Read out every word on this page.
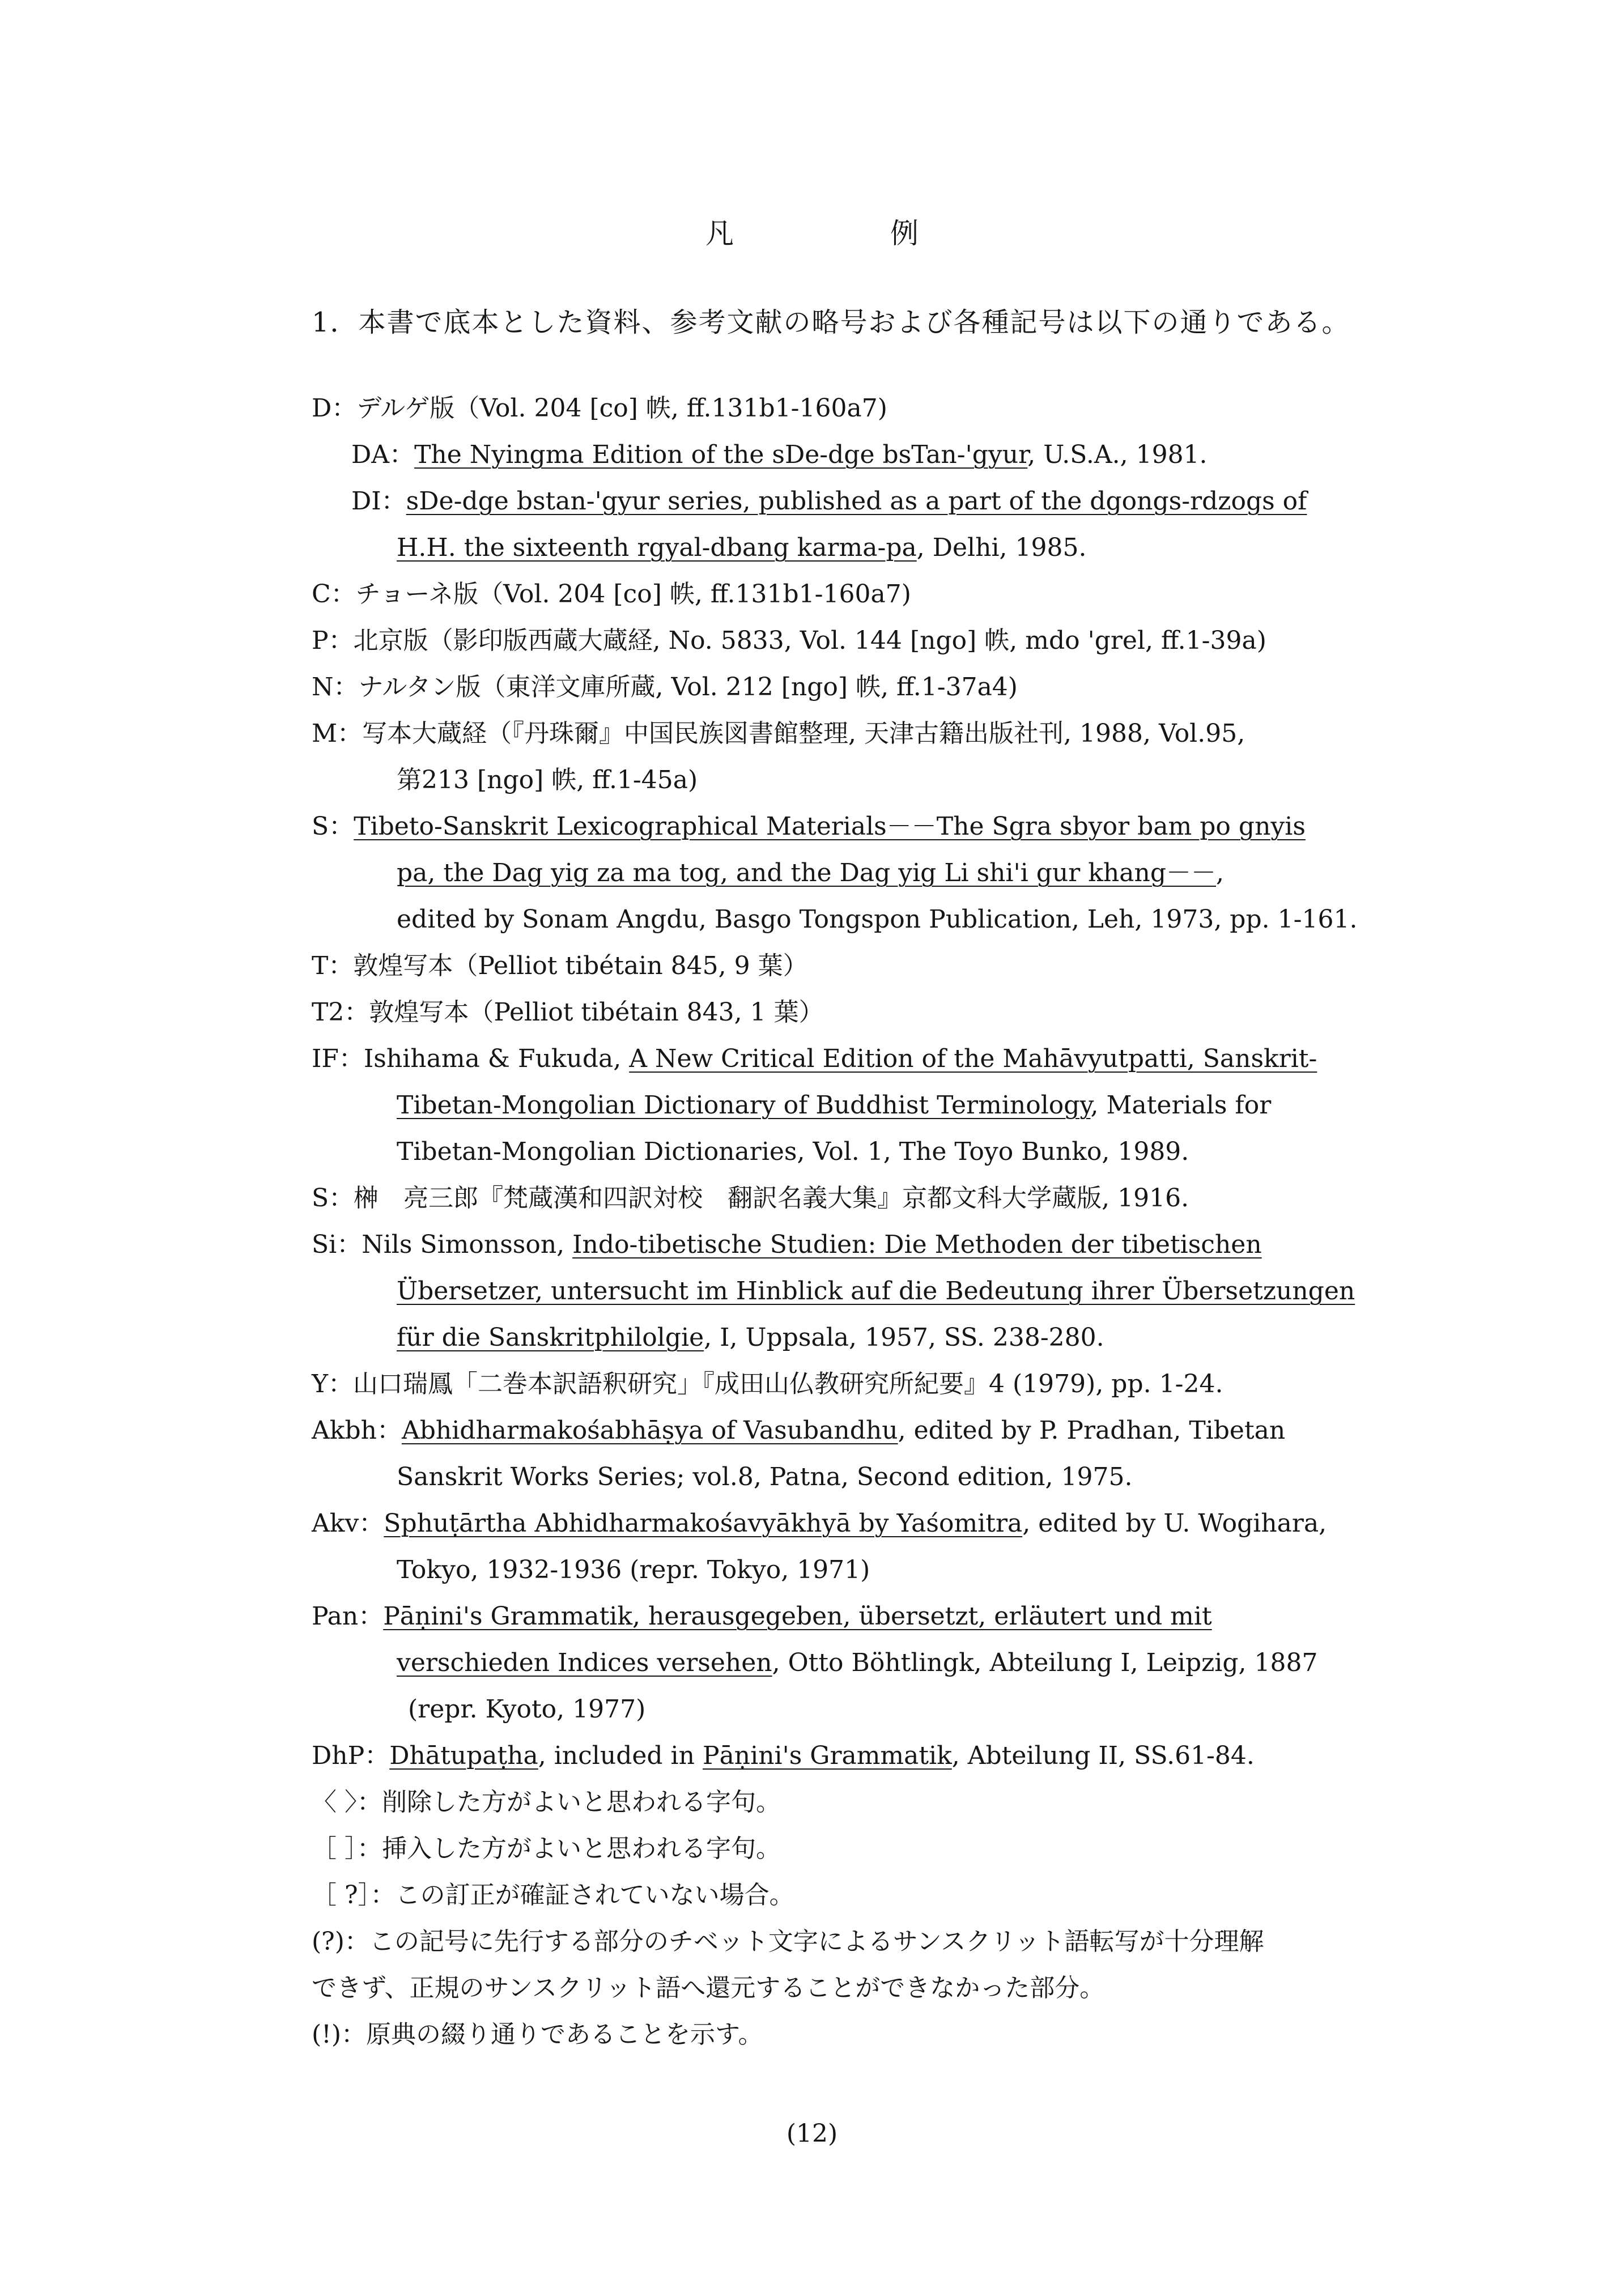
凡 例
1．本書で底本とした資料、参考文献の略号および各種記号は以下の通りである。
D：デルゲ版（Vol. 204 [co] 帙, ff.131b1-160a7)
DA：The Nyingma Edition of the sDe-dge bsTan-'gyur, U.S.A., 1981.
DI：sDe-dge bstan-'gyur series, published as a part of the dgongs-rdzogs of
H.H. the sixteenth rgyal-dbang karma-pa, Delhi, 1985.
C：チョーネ版（Vol. 204 [co] 帙, ff.131b1-160a7)
P：北京版（影印版西蔵大蔵経, No. 5833, Vol. 144 [ngo] 帙, mdo 'grel, ff.1-39a)
N：ナルタン版（東洋文庫所蔵, Vol. 212 [ngo] 帙, ff.1-37a4)
M：写本大蔵経（『丹珠爾』中国民族図書館整理, 天津古籍出版社刊, 1988, Vol.95,
第213 [ngo] 帙, ff.1-45a)
S：Tibeto-Sanskrit Lexicographical Materials－－The Sgra sbyor bam po gnyis
pa, the Dag yig za ma tog, and the Dag yig Li shi'i gur khang－－,
edited by Sonam Angdu, Basgo Tongspon Publication, Leh, 1973, pp. 1-161.
T：敦煌写本（Pelliot tibétain 845, 9 葉）
T2：敦煌写本（Pelliot tibétain 843, 1 葉）
IF：Ishihama & Fukuda, A New Critical Edition of the Mahāvyutpatti, Sanskrit-
Tibetan-Mongolian Dictionary of Buddhist Terminology, Materials for
Tibetan-Mongolian Dictionaries, Vol. 1, The Toyo Bunko, 1989.
S：榊　亮三郎『梵蔵漢和四訳対校　翻訳名義大集』京都文科大学蔵版, 1916.
Si：Nils Simonsson, Indo-tibetische Studien: Die Methoden der tibetischen
Übersetzer, untersucht im Hinblick auf die Bedeutung ihrer Übersetzungen
für die Sanskritphilolgie, I, Uppsala, 1957, SS. 238-280.
Y：山口瑞鳳「二巻本訳語釈研究」『成田山仏教研究所紀要』4 (1979), pp. 1-24.
Akbh：Abhidharmakośabhāṣya of Vasubandhu, edited by P. Pradhan, Tibetan
Sanskrit Works Series; vol.8, Patna, Second edition, 1975.
Akv：Sphuṭārtha Abhidharmakośavyākhyā by Yaśomitra, edited by U. Wogihara,
Tokyo, 1932-1936 (repr. Tokyo, 1971)
Pan：Pāṇini's Grammatik, herausgegeben, übersetzt, erläutert und mit
verschieden Indices versehen, Otto Böhtlingk, Abteilung I, Leipzig, 1887
(repr. Kyoto, 1977)
DhP：Dhātupaṭha, included in Pāṇini's Grammatik, Abteilung II, SS.61-84.
〈 〉：削除した方がよいと思われる字句。
［ ］：挿入した方がよいと思われる字句。
［ ?］：この訂正が確証されていない場合。
(?)：この記号に先行する部分のチベット文字によるサンスクリット語転写が十分理解
できず、正規のサンスクリット語へ還元することができなかった部分。
(!)：原典の綴り通りであることを示す。
(12)
